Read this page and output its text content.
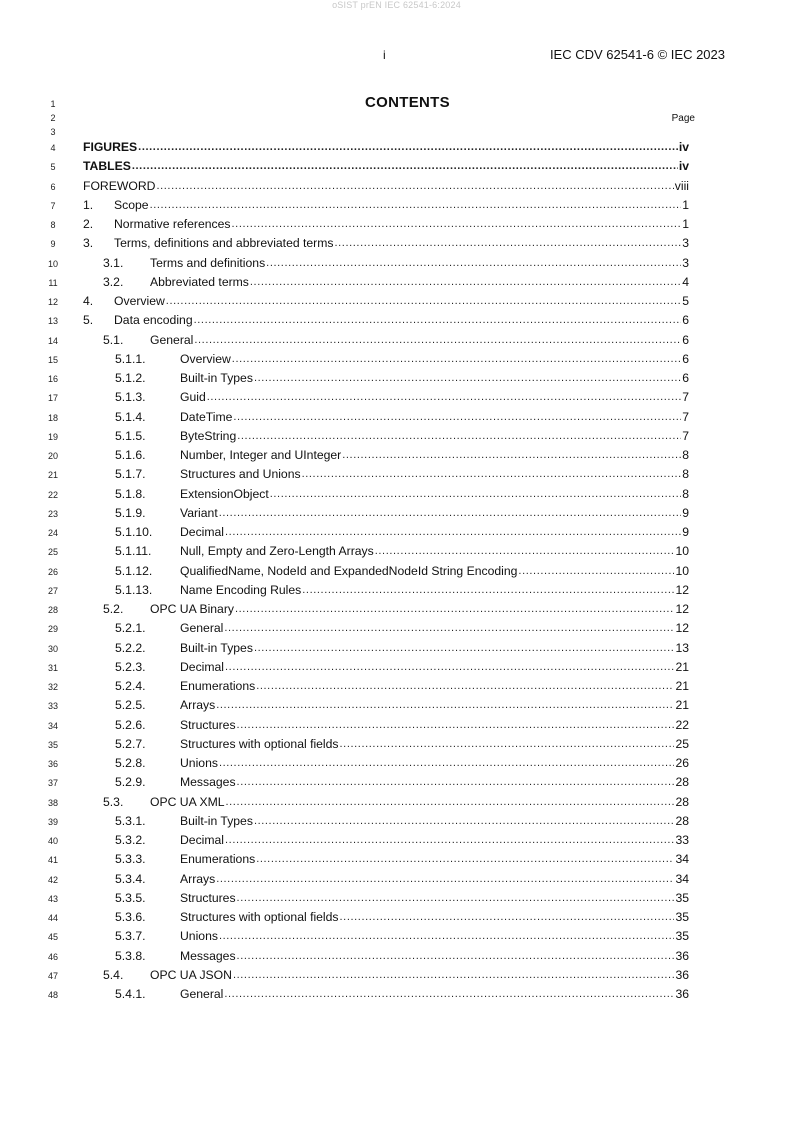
oSIST prEN IEC 62541-6:2024
i	IEC CDV 62541-6 © IEC 2023
CONTENTS
Page
1
2
3
4
5
6
7
8
9
10
11
12
13
14
15
16
17
18
19
20
21
22
23
24
25
26
27
28
29
30
31
32
33
34
35
36
37
38
39
40
41
42
43
44
45
46
47
48
FIGURES .....	iv
TABLES .....	iv
FOREWORD .....	viii
1.	Scope .....	1
2.	Normative references .....	1
3.	Terms, definitions and abbreviated terms .....	3
3.1.	Terms and definitions .....	3
3.2.	Abbreviated terms .....	4
4.	Overview .....	5
5.	Data encoding .....	6
5.1.	General .....	6
5.1.1.	Overview .....	6
5.1.2.	Built-in Types .....	6
5.1.3.	Guid .....	7
5.1.4.	DateTime .....	7
5.1.5.	ByteString .....	7
5.1.6.	Number, Integer and UInteger .....	8
5.1.7.	Structures and Unions .....	8
5.1.8.	ExtensionObject .....	8
5.1.9.	Variant .....	9
5.1.10.	Decimal .....	9
5.1.11.	Null, Empty and Zero-Length Arrays .....	10
5.1.12.	QualifiedName, NodeId and ExpandedNodeId String Encoding .....	10
5.1.13.	Name Encoding Rules .....	12
5.2.	OPC UA Binary .....	12
5.2.1.	General .....	12
5.2.2.	Built-in Types .....	13
5.2.3.	Decimal .....	21
5.2.4.	Enumerations .....	21
5.2.5.	Arrays .....	21
5.2.6.	Structures .....	22
5.2.7.	Structures with optional fields .....	25
5.2.8.	Unions .....	26
5.2.9.	Messages .....	28
5.3.	OPC UA XML .....	28
5.3.1.	Built-in Types .....	28
5.3.2.	Decimal .....	33
5.3.3.	Enumerations .....	34
5.3.4.	Arrays .....	34
5.3.5.	Structures .....	35
5.3.6.	Structures with optional fields .....	35
5.3.7.	Unions .....	35
5.3.8.	Messages .....	36
5.4.	OPC UA JSON .....	36
5.4.1.	General .....	36
